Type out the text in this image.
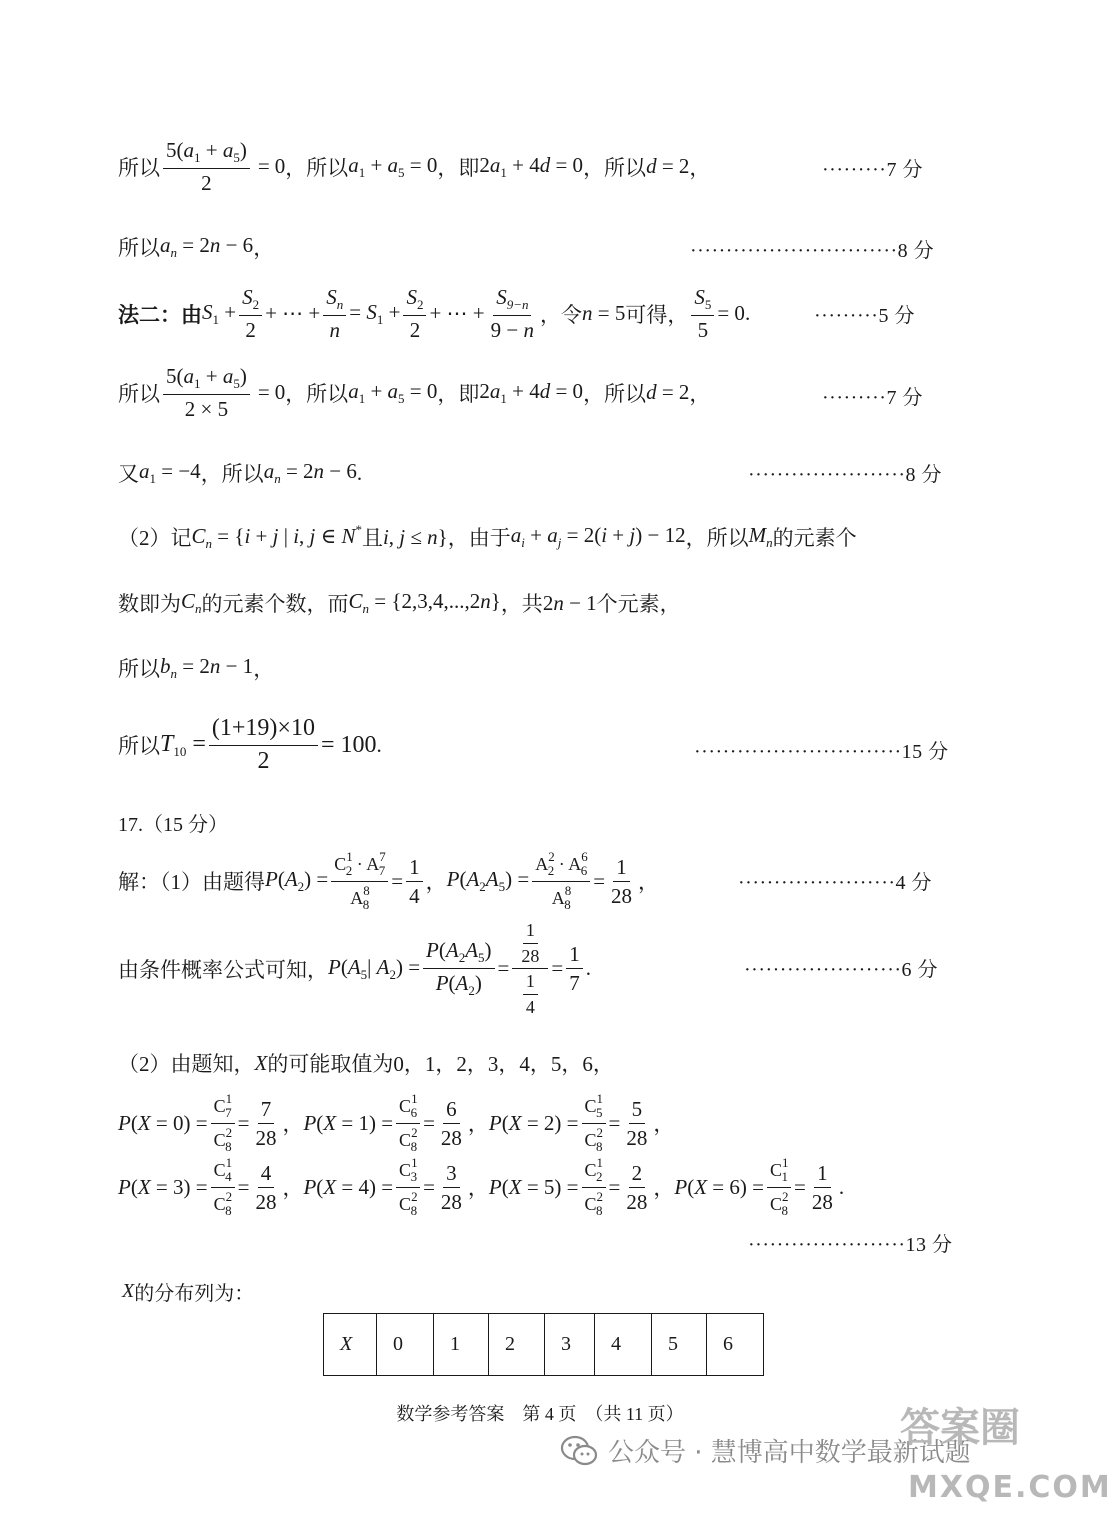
所以 $\frac{5(a_1 + a_5)}{2} = 0$ ，所以 $a_1 + a_5 = 0$ ，即 $2a_1 + 4d = 0$ ，所以 d = 2 ，	·········7 分
所以 $a_n = 2n - 6$ ，	·····························8 分
法二：由 $S_1 + \frac{S_2}{2}$ + ⋯ + $\frac{S_n}{n} = S_1 + \frac{S_2}{2}$ + ⋯ + $\frac{S_{9-n}}{9 - n}$ ，令 n = 5 可得， $\frac{S_5}{5} = 0$ .	·········5 分
所以 $\frac{5(a_1 + a_5)}{2 \times 5} = 0$ ，所以 $a_1 + a_5 = 0$ ，即 $2a_1 + 4d = 0$ ，所以 d = 2 ，	·········7 分
又 $a_1 = -4$ ，所以 $a_n = 2n - 6$ .	······················8 分
（2）记 $C_n = \{i + j$ | i, j ∈ N* 且 i, j ≤ n} ，由于 $a_i + a_j = 2(i + j) - 12$ ，所以 $M_n$ 的元素个
数即为 $C_n$ 的元素个数，而 $C_n = \{2,3,4,...,2n\}$ ，共 2n − 1 个元素，
所以 $b_n = 2n - 1$ ，
所以 $T_{10} = \frac{(1+19)\times 10}{2} = 100$ .	·····························15 分
17.（15 分）
解：（1）由题得 $P(A_2) = \frac{C^1_2 \cdot A^7_7}{A^8_8} = \frac{1}{4}$ ， $P(A_2A_5) = \frac{A^2_2 \cdot A^6_6}{A^8_8} = \frac{1}{28}$ ，	······················4 分
由条件概率公式可知， $P(A_5|$ $A_2) = \frac{P(A_2A_5)}{P(A_2)} = \frac{\frac{1}{28}}{\frac{1}{4}} = \frac{1}{7}$ .	······················6 分
（2）由题知， X 的可能取值为 0，1，2，3，4，5，6，
$P(X = 0) = \frac{C^1_7}{C^2_8} = \frac{7}{28}$ ， $P(X = 1) = \frac{C^1_6}{C^2_8} = \frac{6}{28}$ ， $P(X = 2) = \frac{C^1_5}{C^2_8} = \frac{5}{28}$ ，
$P(X = 3) = \frac{C^1_4}{C^2_8} = \frac{4}{28}$ ， $P(X = 4) = \frac{C^1_3}{C^2_8} = \frac{3}{28}$ ， $P(X = 5) = \frac{C^1_2}{C^2_8} = \frac{2}{28}$ ， $P(X = 6) = \frac{C^1_1}{C^2_8} = \frac{1}{28}$ .
······················13 分
X 的分布列为：
X	0	1	2	3	4	5	6
数学参考答案　第 4 页　（共 11 页）
公众号 · 慧博高中数学最新试题
答案圈
MXQE.COM
